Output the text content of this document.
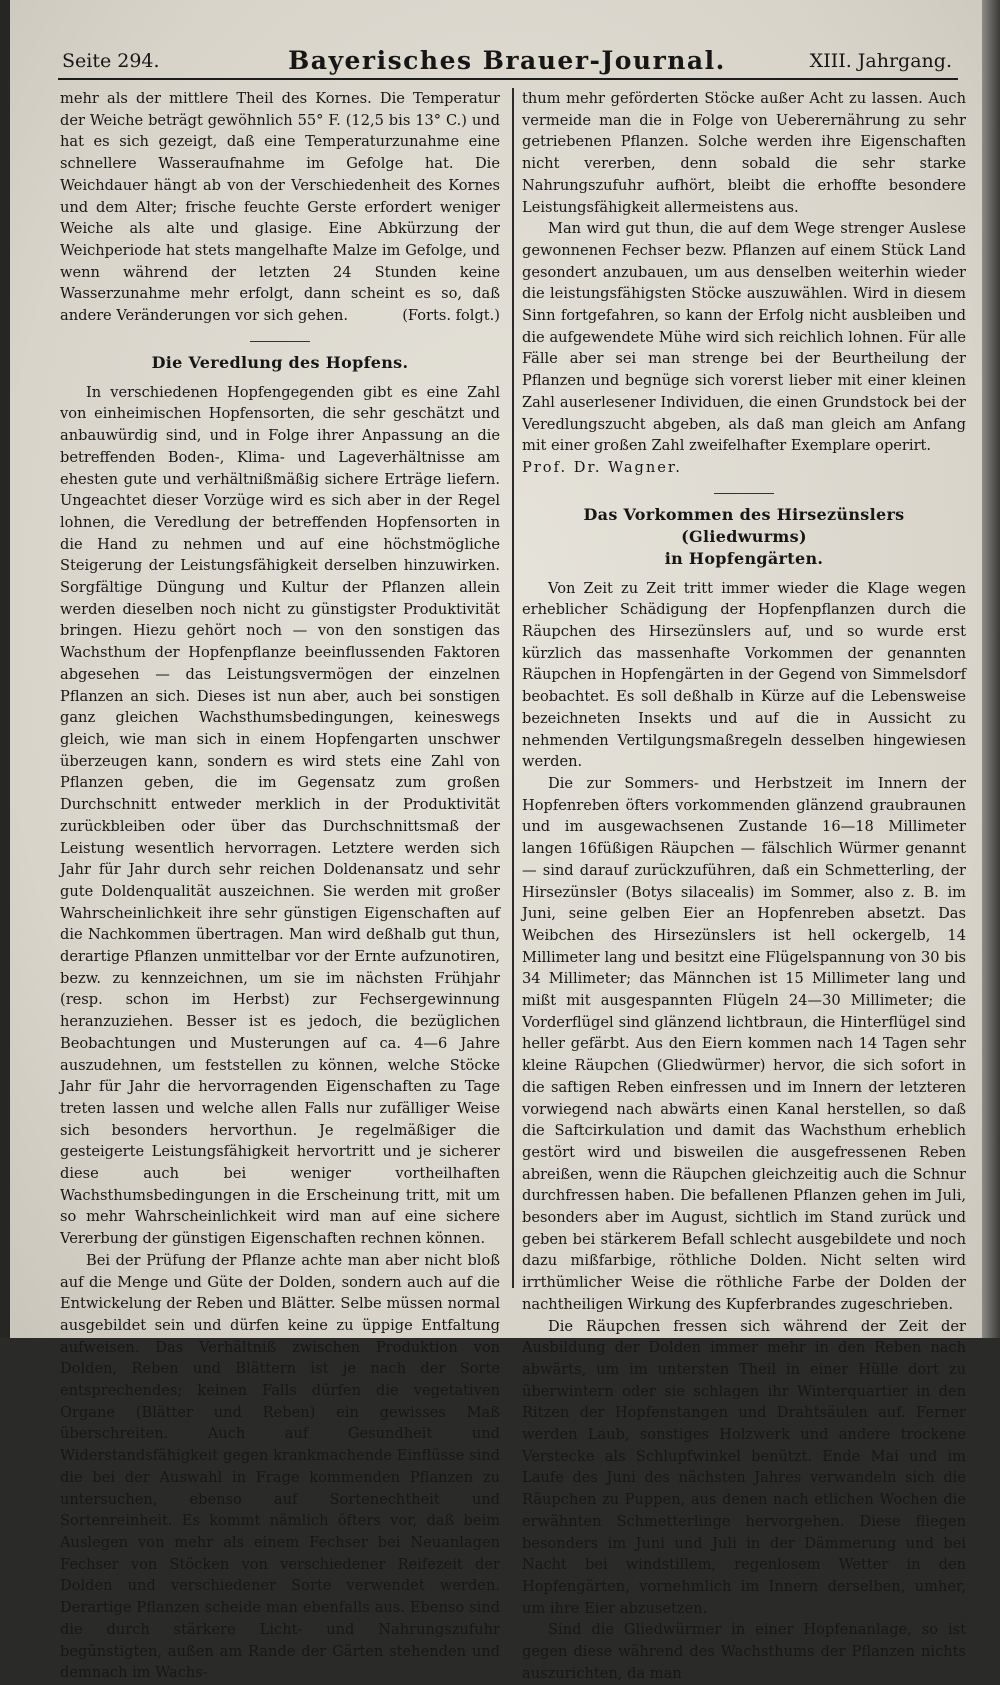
Seite 294.	Bayerisches Brauer-Journal.	XIII. Jahrgang.

mehr als der mittlere Theil des Kornes. Die Temperatur der Weiche beträgt gewöhnlich 55° F. (12,5 bis 13° C.) und hat es sich gezeigt, daß eine Temperaturzunahme eine schnellere Wasseraufnahme im Gefolge hat. Die Weichdauer hängt ab von der Verschiedenheit des Kornes und dem Alter; frische feuchte Gerste erfordert weniger Weiche als alte und glasige. Eine Abkürzung der Weichperiode hat stets mangelhafte Malze im Gefolge, und wenn während der letzten 24 Stunden keine Wasserzunahme mehr erfolgt, dann scheint es so, daß andere Veränderungen vor sich gehen.	(Forts. folgt.)

Die Veredlung des Hopfens.

In verschiedenen Hopfengegenden gibt es eine Zahl von einheimischen Hopfensorten, die sehr geschätzt und anbauwürdig sind, und in Folge ihrer Anpassung an die betreffenden Boden-, Klima- und Lageverhältnisse am ehesten gute und verhältnißmäßig sichere Erträge liefern. Ungeachtet dieser Vorzüge wird es sich aber in der Regel lohnen, die Veredlung der betreffenden Hopfensorten in die Hand zu nehmen und auf eine höchstmögliche Steigerung der Leistungsfähigkeit derselben hinzuwirken. Sorgfältige Düngung und Kultur der Pflanzen allein werden dieselben noch nicht zu günstigster Produktivität bringen. Hiezu gehört noch — von den sonstigen das Wachsthum der Hopfenpflanze beeinflussenden Faktoren abgesehen — das Leistungsvermögen der einzelnen Pflanzen an sich. Dieses ist nun aber, auch bei sonstigen ganz gleichen Wachsthumsbedingungen, keineswegs gleich, wie man sich in einem Hopfengarten unschwer überzeugen kann, sondern es wird stets eine Zahl von Pflanzen geben, die im Gegensatz zum großen Durchschnitt entweder merklich in der Produktivität zurückbleiben oder über das Durchschnittsmaß der Leistung wesentlich hervorragen. Letztere werden sich Jahr für Jahr durch sehr reichen Doldenansatz und sehr gute Doldenqualität auszeichnen. Sie werden mit großer Wahrscheinlichkeit ihre sehr günstigen Eigenschaften auf die Nachkommen übertragen. Man wird deßhalb gut thun, derartige Pflanzen unmittelbar vor der Ernte aufzunotiren, bezw. zu kennzeichnen, um sie im nächsten Frühjahr (resp. schon im Herbst) zur Fechsergewinnung heranzuziehen. Besser ist es jedoch, die bezüglichen Beobachtungen und Musterungen auf ca. 4—6 Jahre auszudehnen, um feststellen zu können, welche Stöcke Jahr für Jahr die hervorragenden Eigenschaften zu Tage treten lassen und welche allen Falls nur zufälliger Weise sich besonders hervorthun. Je regelmäßiger die gesteigerte Leistungsfähigkeit hervortritt und je sicherer diese auch bei weniger vortheilhaften Wachsthumsbedingungen in die Erscheinung tritt, mit um so mehr Wahrscheinlichkeit wird man auf eine sichere Vererbung der günstigen Eigenschaften rechnen können.

Bei der Prüfung der Pflanze achte man aber nicht bloß auf die Menge und Güte der Dolden, sondern auch auf die Entwickelung der Reben und Blätter. Selbe müssen normal ausgebildet sein und dürfen keine zu üppige Entfaltung aufweisen. Das Verhältniß zwischen Produktion von Dolden, Reben und Blättern ist je nach der Sorte entsprechendes; keinen Falls dürfen die vegetativen Organe (Blätter und Reben) ein gewisses Maß überschreiten. Auch auf Gesundheit und Widerstandsfähigkeit gegen krankmachende Einflüsse sind die bei der Auswahl in Frage kommenden Pflanzen zu untersuchen, ebenso auf Sortenechtheit und Sortenreinheit. Es kommt nämlich öfters vor, daß beim Auslegen von mehr als einem Fechser bei Neuanlagen Fechser von Stöcken von verschiedener Reifezeit der Dolden und verschiedener Sorte verwendet werden. Derartige Pflanzen scheide man ebenfalls aus. Ebenso sind die durch stärkere Licht- und Nahrungszufuhr begünstigten, außen am Rande der Gärten stehenden und demnach im Wachs-

thum mehr geförderten Stöcke außer Acht zu lassen. Auch vermeide man die in Folge von Ueberernährung zu sehr getriebenen Pflanzen. Solche werden ihre Eigenschaften nicht vererben, denn sobald die sehr starke Nahrungszufuhr aufhört, bleibt die erhoffte besondere Leistungsfähigkeit allermeistens aus.

Man wird gut thun, die auf dem Wege strenger Auslese gewonnenen Fechser bezw. Pflanzen auf einem Stück Land gesondert anzubauen, um aus denselben weiterhin wieder die leistungsfähigsten Stöcke auszuwählen. Wird in diesem Sinn fortgefahren, so kann der Erfolg nicht ausbleiben und die aufgewendete Mühe wird sich reichlich lohnen. Für alle Fälle aber sei man strenge bei der Beurtheilung der Pflanzen und begnüge sich vorerst lieber mit einer kleinen Zahl auserlesener Individuen, die einen Grundstock bei der Veredlungszucht abgeben, als daß man gleich am Anfang mit einer großen Zahl zweifelhafter Exemplare operirt.

Prof. Dr. Wagner.

Das Vorkommen des Hirsezünslers (Gliedwurms)
in Hopfengärten.

Von Zeit zu Zeit tritt immer wieder die Klage wegen erheblicher Schädigung der Hopfenpflanzen durch die Räupchen des Hirsezünslers auf, und so wurde erst kürzlich das massenhafte Vorkommen der genannten Räupchen in Hopfengärten in der Gegend von Simmelsdorf beobachtet. Es soll deßhalb in Kürze auf die Lebensweise bezeichneten Insekts und auf die in Aussicht zu nehmenden Vertilgungsmaßregeln desselben hingewiesen werden.

Die zur Sommers- und Herbstzeit im Innern der Hopfenreben öfters vorkommenden glänzend graubraunen und im ausgewachsenen Zustande 16—18 Millimeter langen 16füßigen Räupchen — fälschlich Würmer genannt — sind darauf zurückzuführen, daß ein Schmetterling, der Hirsezünsler (Botys silacealis) im Sommer, also z. B. im Juni, seine gelben Eier an Hopfenreben absetzt. Das Weibchen des Hirsezünslers ist hell ockergelb, 14 Millimeter lang und besitzt eine Flügelspannung von 30 bis 34 Millimeter; das Männchen ist 15 Millimeter lang und mißt mit ausgespannten Flügeln 24—30 Millimeter; die Vorderflügel sind glänzend lichtbraun, die Hinterflügel sind heller gefärbt. Aus den Eiern kommen nach 14 Tagen sehr kleine Räupchen (Gliedwürmer) hervor, die sich sofort in die saftigen Reben einfressen und im Innern der letzteren vorwiegend nach abwärts einen Kanal herstellen, so daß die Saftcirkulation und damit das Wachsthum erheblich gestört wird und bisweilen die ausgefressenen Reben abreißen, wenn die Räupchen gleichzeitig auch die Schnur durchfressen haben. Die befallenen Pflanzen gehen im Juli, besonders aber im August, sichtlich im Stand zurück und geben bei stärkerem Befall schlecht ausgebildete und noch dazu mißfarbige, röthliche Dolden. Nicht selten wird irrthümlicher Weise die röthliche Farbe der Dolden der nachtheiligen Wirkung des Kupferbrandes zugeschrieben.

Die Räupchen fressen sich während der Zeit der Ausbildung der Dolden immer mehr in den Reben nach abwärts, um im untersten Theil in einer Hülle dort zu überwintern oder sie schlagen ihr Winterquartier in den Ritzen der Hopfenstangen und Drahtsäulen auf. Ferner werden Laub, sonstiges Holzwerk und andere trockene Verstecke als Schlupfwinkel benützt. Ende Mai und im Laufe des Juni des nächsten Jahres verwandeln sich die Räupchen zu Puppen, aus denen nach etlichen Wochen die erwähnten Schmetterlinge hervorgehen. Diese fliegen besonders im Juni und Juli in der Dämmerung und bei Nacht bei windstillem, regenlosem Wetter in den Hopfengärten, vornehmlich im Innern derselben, umher, um ihre Eier abzusetzen.

Sind die Gliedwürmer in einer Hopfenanlage, so ist gegen diese während des Wachsthums der Pflanzen nichts auszurichten, da man
